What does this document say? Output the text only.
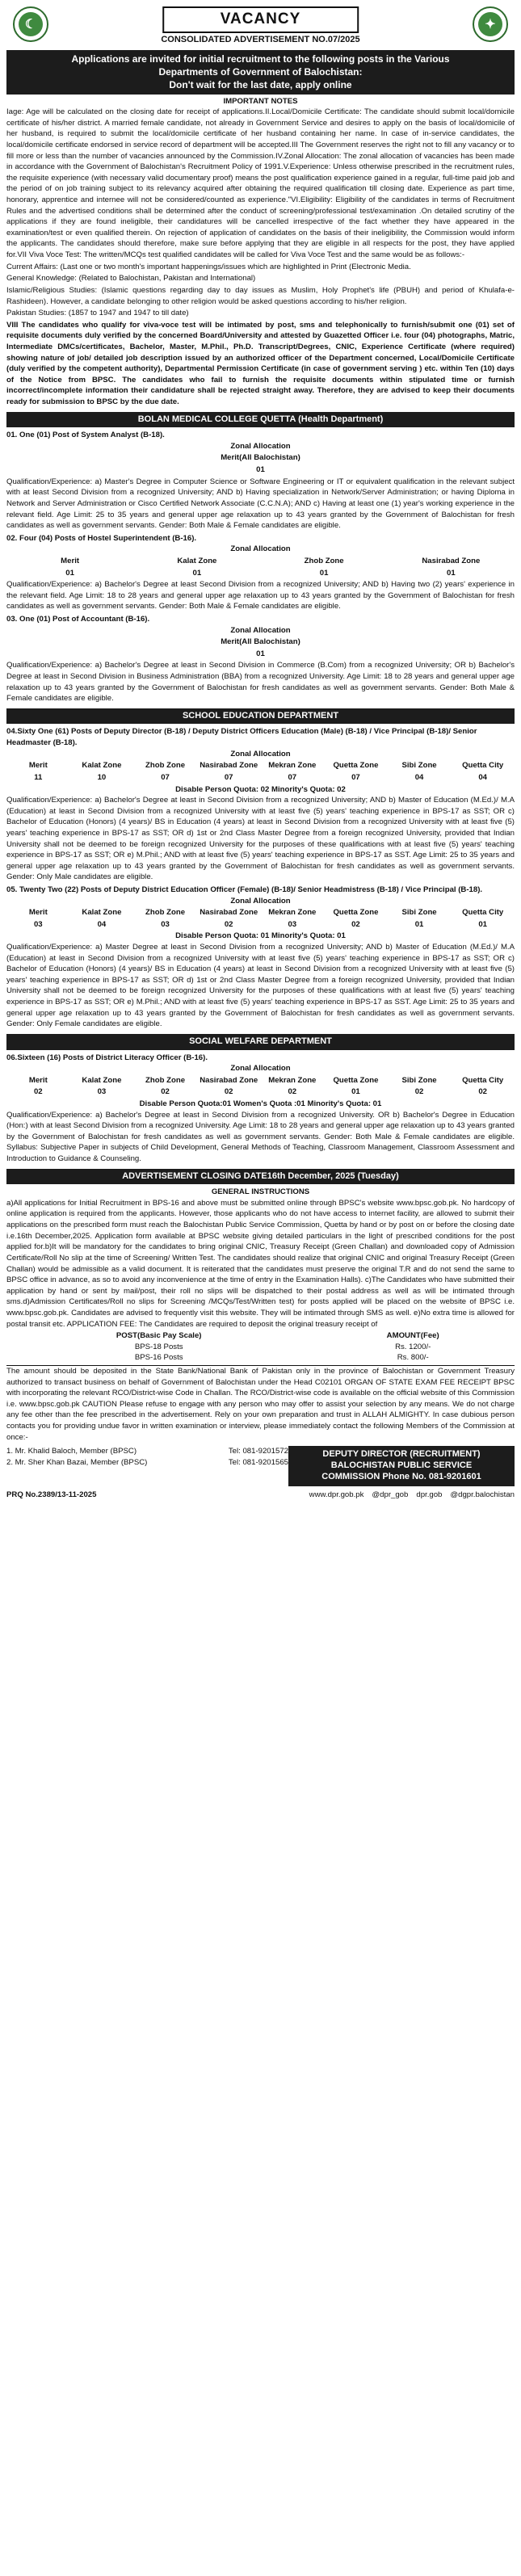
☾	VACANCY
CONSOLIDATED ADVERTISEMENT NO.07/2025
✦
Applications are invited for initial recruitment to the following posts in the Various
Departments of Government of Balochistan:
Don't wait for the last date, apply online
IMPORTANT NOTES

Iage: Age will be calculated on the closing date for receipt of applications.II.Local/Domicile Certificate: The candidate should submit local/domicile certificate of his/her district. A married female candidate, not already in Government Service and desires to apply on the basis of local/domicile of her husband, is required to submit the local/domicile certificate of her husband containing her name. In case of in-service candidates, the local/domicile certificate endorsed in service record of department will be accepted.III The Government reserves the right not to fill any vacancy or to fill more or less than the number of vacancies announced by the Commission.IV.Zonal Allocation: The zonal allocation of vacancies has been made in accordance with the Government of Balochistan's Recruitment Policy of 1991.V.Experience: Unless otherwise prescribed in the recruitment rules, the requisite experience (with necessary valid documentary proof) means the post qualification experience gained in a regular, full-time paid job and the period of on job training subject to its relevancy acquired after obtaining the required qualification till closing date. Experience as part time, honorary, apprentice and internee will not be considered/counted as experience."VI.Eligibility: Eligibility of the candidates in terms of Recruitment Rules and the advertised conditions shall be determined after the conduct of screening/professional test/examination .On detailed scrutiny of the applications if they are found ineligible, their candidatures will be cancelled irrespective of the fact whether they have appeared in the examination/test or even qualified therein. On rejection of application of candidates on the basis of their ineligibility, the Commission would inform the applicants. The candidates should therefore, make sure before applying that they are eligible in all respects for the post, they have applied for.VII Viva Voce Test: The written/MCQs test qualified candidates will be called for Viva Voce Test and the same would be as follows:-

Current Affairs: (Last one or two month's important happenings/issues which are highlighted in Print (Electronic Media.

General Knowledge: (Related to Balochistan, Pakistan and International)

Islamic/Religious Studies: (Islamic questions regarding day to day issues as Muslim, Holy Prophet's life (PBUH) and period of Khulafa-e-Rashideen). However, a candidate belonging to other religion would be asked questions according to his/her religion.

Pakistan Studies: (1857 to 1947 and 1947 to till date)

VIII The candidates who qualify for viva-voce test will be intimated by post, sms and telephonically to furnish/submit one (01) set of requisite documents duly verified by the concerned Board/University and attested by Guazetted Officer i.e. four (04) photographs, Matric, Intermediate DMCs/certificates, Bachelor, Master, M.Phil., Ph.D. Transcript/Degrees, CNIC, Experience Certificate (where required) showing nature of job/ detailed job description issued by an authorized officer of the Department concerned, Local/Domicile Certificate (duly verified by the competent authority), Departmental Permission Certificate (in case of government serving ) etc. within Ten (10) days of the Notice from BPSC. The candidates who fail to furnish the requisite documents within stipulated time or furnish incorrect/incomplete information their candidature shall be rejected straight away. Therefore, they are advised to keep their documents ready for submission to BPSC by the due date.

BOLAN MEDICAL COLLEGE QUETTA (Health Department)
01. One (01) Post of System Analyst (B-18).
Zonal Allocation
Merit(All Balochistan)
01

Qualification/Experience: a) Master's Degree in Computer Science or Software Engineering or IT or equivalent qualification in the relevant subject with at least Second Division from a recognized University; AND b) Having specialization in Network/Server Administration; or having Diploma in Network and Server Administration or Cisco Certified Network Associate (C.C.N.A); AND c) Having at least one (1) year's working experience in the relevant field. Age Limit: 25 to 35 years and general upper age relaxation up to 43 years granted by the Government of Balochistan for fresh candidates as well as government servants. Gender: Both Male & Female candidates are eligible.

02. Four (04) Posts of Hostel Superintendent (B-16).
Zonal Allocation
Merit	Kalat Zone	Zhob Zone	Nasirabad Zone
01	01	01	01

Qualification/Experience: a) Bachelor's Degree at least Second Division from a recognized University; AND b) Having two (2) years' experience in the relevant field. Age Limit: 18 to 28 years and general upper age relaxation up to 43 years granted by the Government of Balochistan for fresh candidates as well as government servants. Gender: Both Male & Female candidates are eligible.

03. One (01) Post of Accountant (B-16).
Zonal Allocation
Merit(All Balochistan)
01

Qualification/Experience: a) Bachelor's Degree at least in Second Division in Commerce (B.Com) from a recognized University; OR b) Bachelor's Degree at least in Second Division in Business Administration (BBA) from a recognized University. Age Limit: 18 to 28 years and general upper age relaxation up to 43 years granted by the Government of Balochistan for fresh candidates as well as government servants. Gender: Both Male & Female candidates are eligible.

SCHOOL EDUCATION DEPARTMENT
04.Sixty One (61) Posts of Deputy Director (B-18) / Deputy District Officers Education (Male) (B-18) / Vice Principal (B-18)/ Senior Headmaster (B-18).
Zonal Allocation
Merit	Kalat Zone	Zhob Zone	Nasirabad Zone	Mekran Zone	Quetta Zone	Sibi Zone	Quetta City
11	10	07	07	07	07	04	04
Disable Person Quota: 02 Minority's Quota: 02

Qualification/Experience: a) Bachelor's Degree at least in Second Division from a recognized University; AND b) Master of Education (M.Ed.)/ M.A (Education) at least in Second Division from a recognized University with at least five (5) years' teaching experience in BPS-17 as SST; OR c) Bachelor of Education (Honors) (4 years)/ BS in Education (4 years) at least in Second Division from a recognized University with at least five (5) years' teaching experience in BPS-17 as SST; OR d) 1st or 2nd Class Master Degree from a foreign recognized University, provided that Indian University shall not be deemed to be foreign recognized University for the purposes of these qualifications with at least five (5) years' teaching experience in BPS-17 as SST; OR e) M.Phil.; AND with at least five (5) years' teaching experience in BPS-17 as SST. Age Limit: 25 to 35 years and general upper age relaxation up to 43 years granted by the Government of Balochistan for fresh candidates as well as government servants. Gender: Only Male candidates are eligible.

05. Twenty Two (22) Posts of Deputy District Education Officer (Female) (B-18)/ Senior Headmistress (B-18) / Vice Principal (B-18).
Zonal Allocation
Merit	Kalat Zone	Zhob Zone	Nasirabad Zone	Mekran Zone	Quetta Zone	Sibi Zone	Quetta City
03	04	03	02	03	02	01	01
Disable Person Quota: 01 Minority's Quota: 01

Qualification/Experience: a) Master Degree at least in Second Division from a recognized University; AND b) Master of Education (M.Ed.)/ M.A (Education) at least in Second Division from a recognized University with at least five (5) years' teaching experience in BPS-17 as SST; OR c) Bachelor of Education (Honors) (4 years)/ BS in Education (4 years) at least in Second Division from a recognized University with at least five (5) years' teaching experience in BPS-17 as SST; OR d) 1st or 2nd Class Master Degree from a foreign recognized University, provided that Indian University shall not be deemed to be foreign recognized University for the purposes of these qualifications with at least five (5) years' teaching experience in BPS-17 as SST; OR e) M.Phil.; AND with at least five (5) years' teaching experience in BPS-17 as SST. Age Limit: 25 to 35 years and general upper age relaxation up to 43 years granted by the Government of Balochistan for fresh candidates as well as government servants. Gender: Only Female candidates are eligible.

SOCIAL WELFARE DEPARTMENT
06.Sixteen (16) Posts of District Literacy Officer (B-16).
Zonal Allocation
Merit	Kalat Zone	Zhob Zone	Nasirabad Zone	Mekran Zone	Quetta Zone	Sibi Zone	Quetta City
02	03	02	02	02	01	02	02
Disable Person Quota:01 Women's Quota :01 Minority's Quota: 01

Qualification/Experience: a) Bachelor's Degree at least in Second Division from a recognized University. OR b) Bachelor's Degree in Education (Hon:) with at least Second Division from a recognized University. Age Limit: 18 to 28 years and general upper age relaxation up to 43 years granted by the Government of Balochistan for fresh candidates as well as government servants. Gender: Both Male & Female candidates are eligible. Syllabus: Subjective Paper in subjects of Child Development, General Methods of Teaching, Classroom Management, Classroom Assessment and Introduction to Guidance & Counseling.

ADVERTISEMENT CLOSING DATE16th December, 2025 (Tuesday)
GENERAL INSTRUCTIONS

a)All applications for Initial Recruitment in BPS-16 and above must be submitted online through BPSC's website www.bpsc.gob.pk. No hardcopy of online application is required from the applicants. However, those applicants who do not have access to internet facility, are allowed to submit their applications on the prescribed form must reach the Balochistan Public Service Commission, Quetta by hand or by post on or before the closing date i.e.16th December,2025. Application form available at BPSC website giving detailed particulars in the light of prescribed conditions for the post applied for.b)It will be mandatory for the candidates to bring original CNIC, Treasury Receipt (Green Challan) and downloaded copy of Admission Certificate/Roll No slip at the time of Screening/ Written Test. The candidates should realize that original CNIC and original Treasury Receipt (Green Challan) would be admissible as a valid document. It is reiterated that the candidates must preserve the original T.R and do not send the same to BPSC office in advance, as so to avoid any inconvenience at the time of entry in the Examination Halls). c)The Candidates who have submitted their application by hand or sent by mail/post, their roll no slips will be dispatched to their postal address as well as will be intimated through sms.d)Admission Certificates/Roll no slips for Screening /MCQs/Test/Written test) for posts applied will be placed on the website of BPSC i.e. www.bpsc.gob.pk. Candidates are advised to frequently visit this website. They will be intimated through SMS as well. e)No extra time is allowed for postal transit etc. APPLICATION FEE: The Candidates are required to deposit the original treasury receipt of

POST(Basic Pay Scale)	AMOUNT(Fee)
BPS-18 Posts	Rs. 1200/-
BPS-16 Posts	Rs. 800/-

The amount should be deposited in the State Bank/National Bank of Pakistan only in the province of Balochistan or Government Treasury authorized to transact business on behalf of Government of Balochistan under the Head C02101 ORGAN OF STATE EXAM FEE RECEIPT BPSC with incorporating the relevant RCO/District-wise Code in Challan. The RCO/District-wise code is available on the official website of this Commission i.e. www.bpsc.gob.pk CAUTION Please refuse to engage with any person who may offer to assist your selection by any means. We do not charge any fee other than the fee prescribed in the advertisement. Rely on your own preparation and trust in ALLAH ALMIGHTY. In case dubious person contacts you for providing undue favor in written examination or interview, please immediately contact the following Members of the Commission at once:-

1. Mr. Khalid Baloch, Member (BPSC)	Tel: 081-9201572
2. Mr. Sher Khan Bazai, Member (BPSC)	Tel: 081-9201565
DEPUTY DIRECTOR (RECRUITMENT)
BALOCHISTAN PUBLIC SERVICE
COMMISSION Phone No. 081-9201601
PRQ No.2389/13-11-2025	www.dpr.gob.pk @dpr_gob dpr.gob @dgpr.balochistan
